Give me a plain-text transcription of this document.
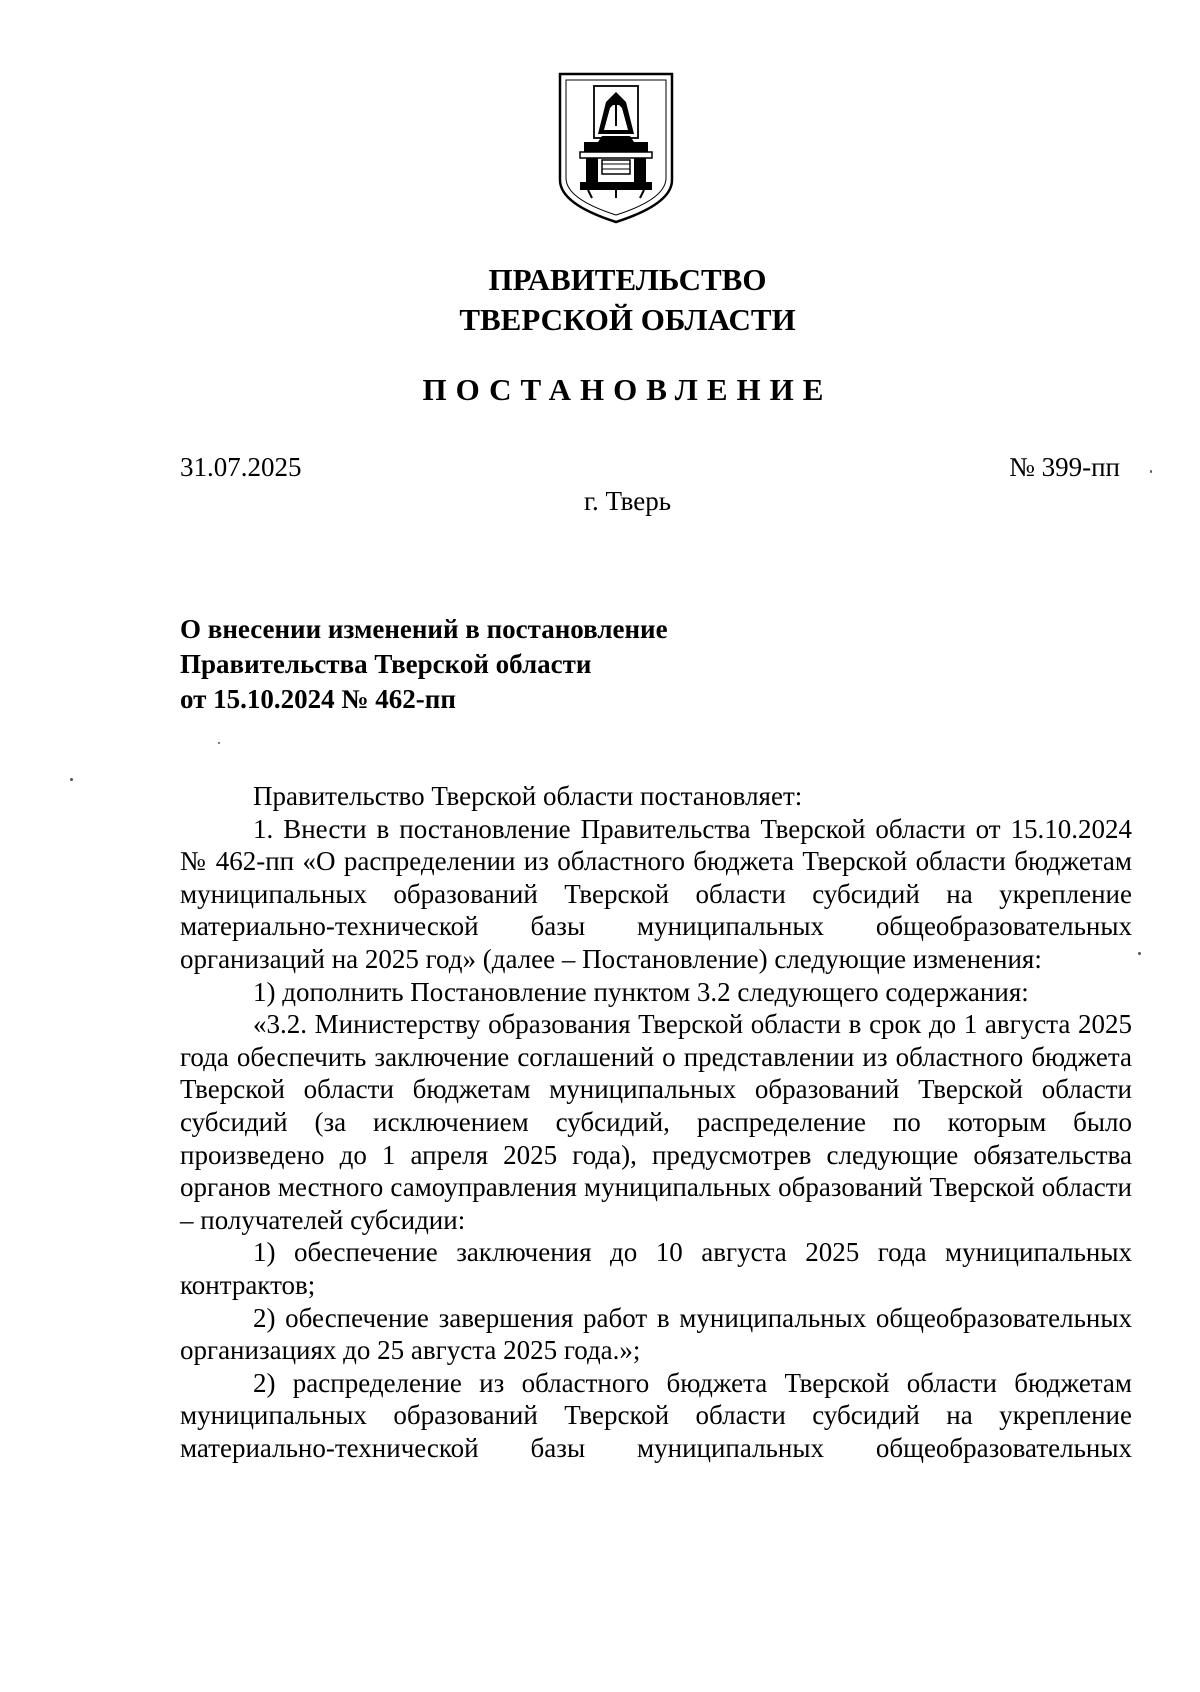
ПРАВИТЕЛЬСТВО
ТВЕРСКОЙ ОБЛАСТИ
ПОСТАНОВЛЕНИЕ
31.07.2025	№ 399-пп
г. Тверь
О внесении изменений в постановление
Правительства Тверской области
от 15.10.2024 № 462-пп

Правительство Тверской области постановляет:

1. Внести в постановление Правительства Тверской области от 15.10.2024 № 462-пп «О распределении из областного бюджета Тверской области бюджетам муниципальных образований Тверской области субсидий на укрепление материально-технической базы муниципальных общеобразовательных организаций на 2025 год» (далее – Постановление) следующие изменения:

1) дополнить Постановление пунктом 3.2 следующего содержания:

«3.2. Министерству образования Тверской области в срок до 1 августа 2025 года обеспечить заключение соглашений о представлении из областного бюджета Тверской области бюджетам муниципальных образований Тверской области субсидий (за исключением субсидий, распределение по которым было произведено до 1 апреля 2025 года), предусмотрев следующие обязательства органов местного самоуправления муниципальных образований Тверской области – получателей субсидии:

1) обеспечение заключения до 10 августа 2025 года муниципальных контрактов;

2) обеспечение завершения работ в муниципальных общеобразовательных организациях до 25 августа 2025 года.»;

2) распределение из областного бюджета Тверской области бюджетам муниципальных образований Тверской области субсидий на укрепление материально-технической базы муниципальных общеобразовательных
